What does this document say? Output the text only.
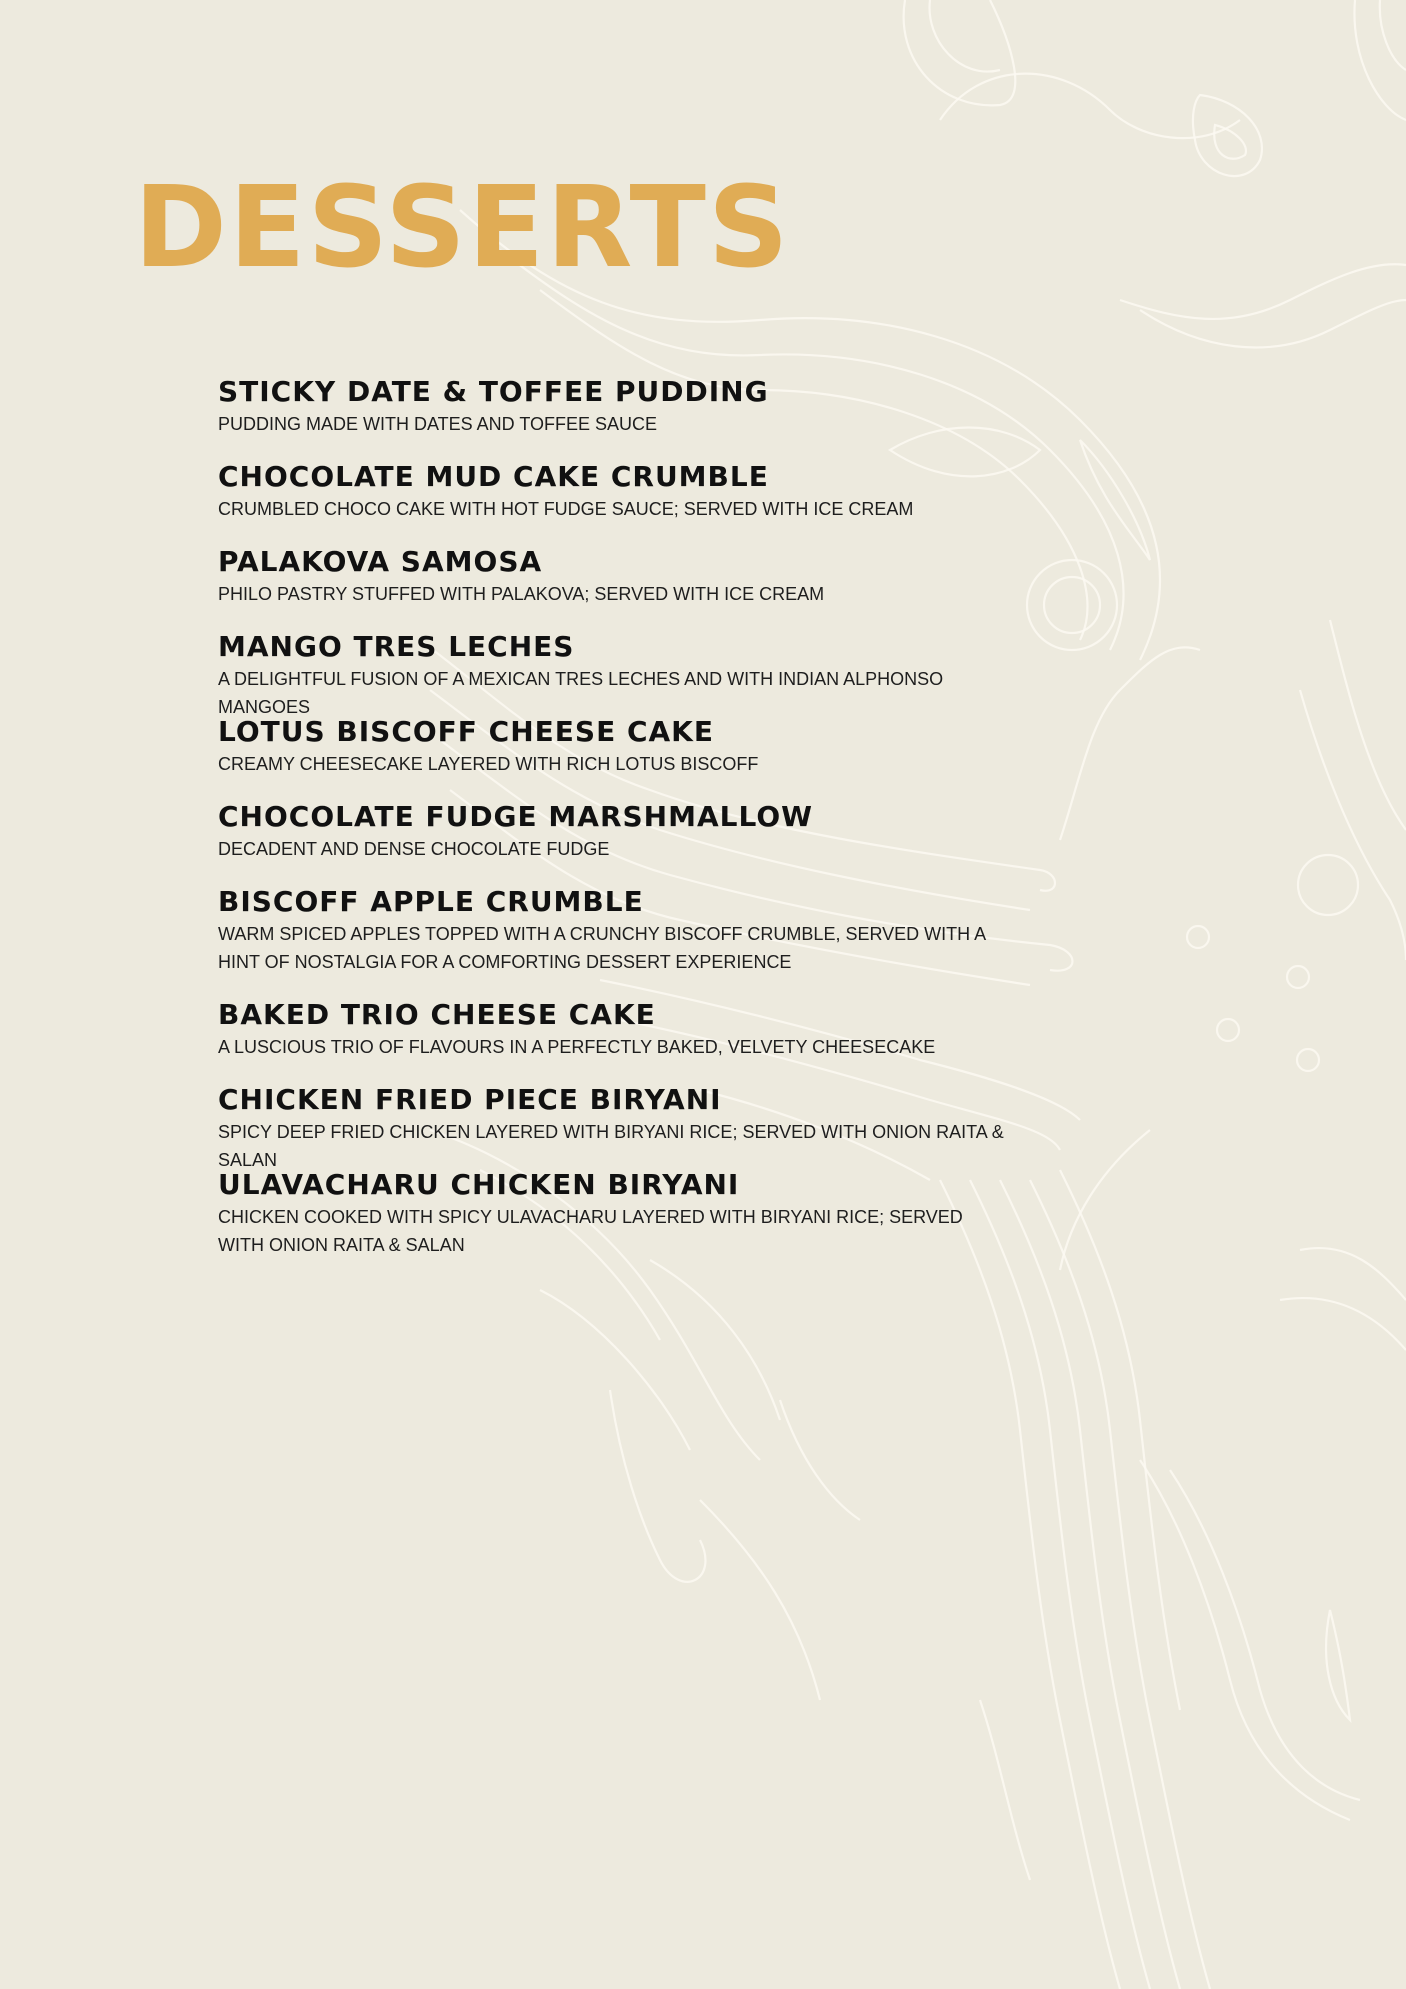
DESSERTS
STICKY DATE & TOFFEE PUDDING
PUDDING MADE WITH DATES AND TOFFEE SAUCE
CHOCOLATE MUD CAKE CRUMBLE
CRUMBLED CHOCO CAKE WITH HOT FUDGE SAUCE; SERVED WITH ICE CREAM
PALAKOVA SAMOSA
PHILO PASTRY STUFFED WITH PALAKOVA; SERVED WITH ICE CREAM
MANGO TRES LECHES
A DELIGHTFUL FUSION OF A MEXICAN TRES LECHES AND WITH INDIAN ALPHONSO MANGOES
LOTUS BISCOFF CHEESE CAKE
CREAMY CHEESECAKE LAYERED WITH RICH LOTUS BISCOFF
CHOCOLATE FUDGE MARSHMALLOW
DECADENT AND DENSE CHOCOLATE FUDGE
BISCOFF APPLE CRUMBLE
WARM SPICED APPLES TOPPED WITH A CRUNCHY BISCOFF CRUMBLE, SERVED WITH A HINT OF NOSTALGIA FOR A COMFORTING DESSERT EXPERIENCE
BAKED TRIO CHEESE CAKE
A LUSCIOUS TRIO OF FLAVOURS IN A PERFECTLY BAKED, VELVETY CHEESECAKE
CHICKEN FRIED PIECE BIRYANI
SPICY DEEP FRIED CHICKEN LAYERED WITH BIRYANI RICE; SERVED WITH ONION RAITA & SALAN
ULAVACHARU CHICKEN BIRYANI
CHICKEN COOKED WITH SPICY ULAVACHARU LAYERED WITH BIRYANI RICE; SERVED WITH ONION RAITA & SALAN
